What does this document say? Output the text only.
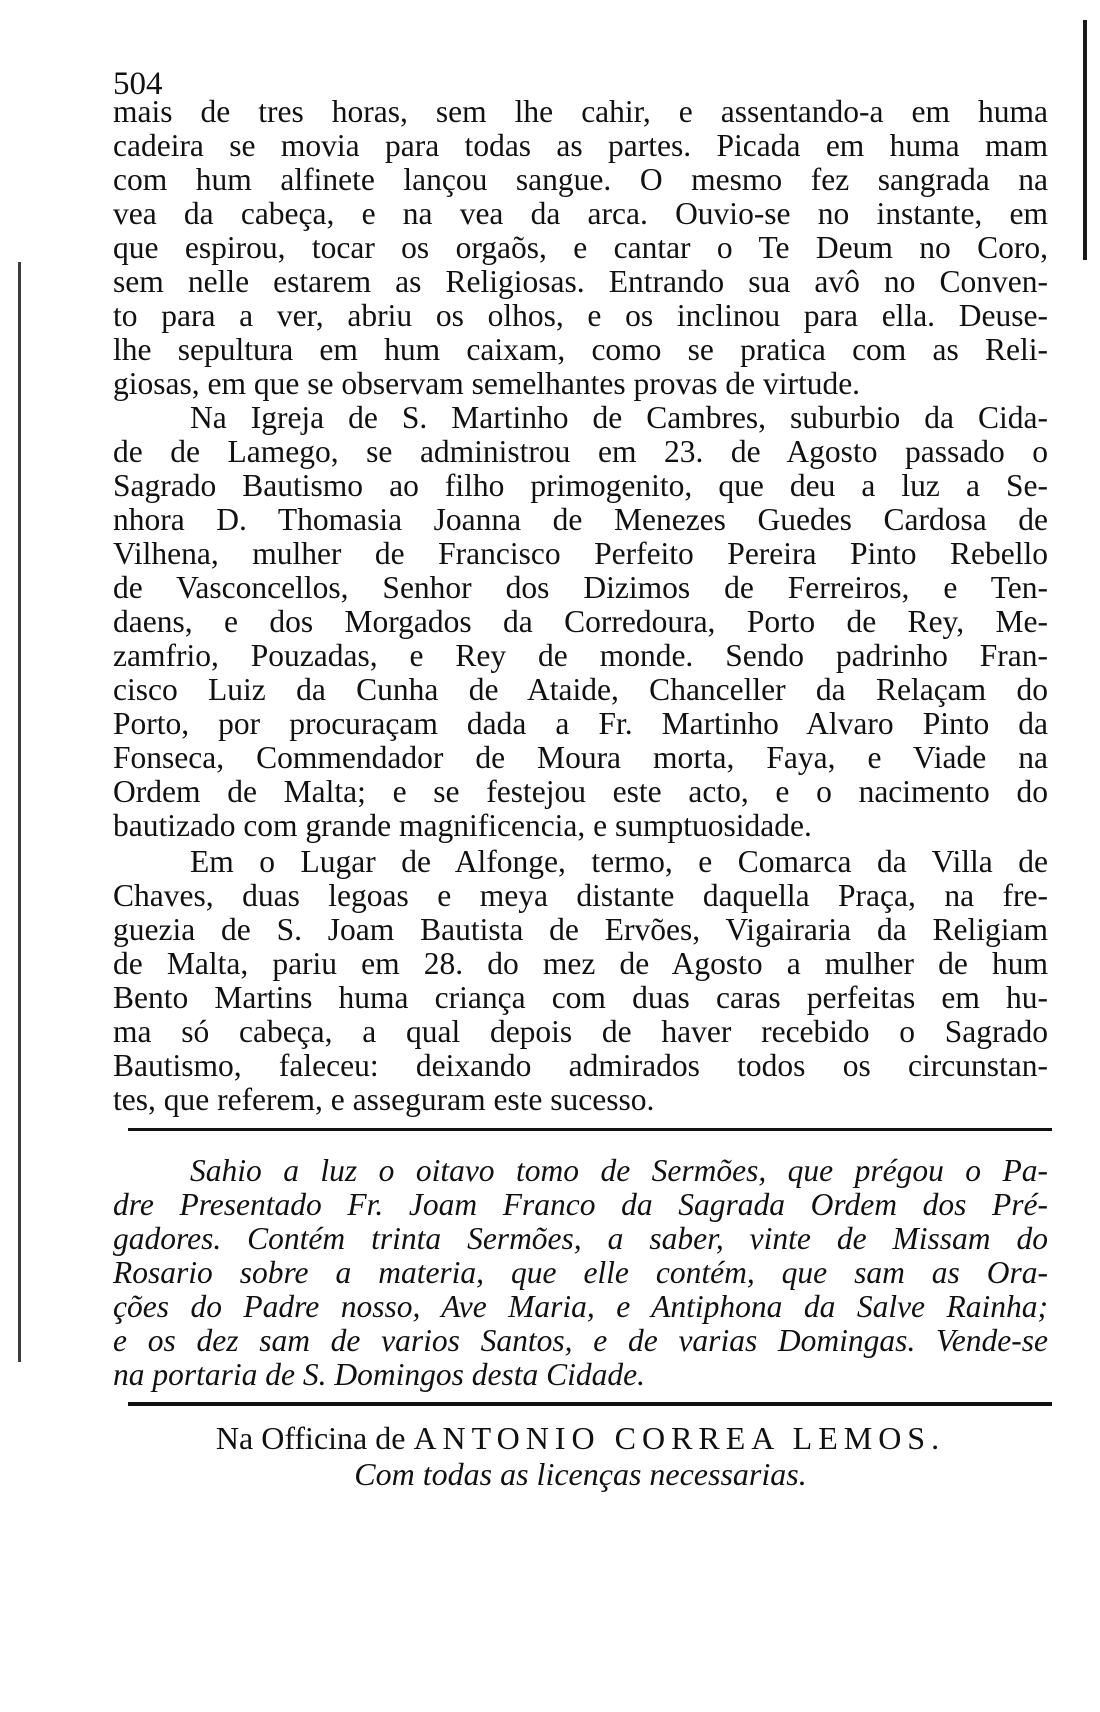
504
mais de tres horas, sem lhe cahir, e assentando-a em huma
cadeira se movia para todas as partes. Picada em huma mam
com hum alfinete lançou sangue. O mesmo fez sangrada na
vea da cabeça, e na vea da arca. Ouvio-se no instante, em
que espirou, tocar os orgaõs, e cantar o Te Deum no Coro,
sem nelle estarem as Religiosas. Entrando sua avô no Conven-
to para a ver, abriu os olhos, e os inclinou para ella. Deuse-
lhe sepultura em hum caixam, como se pratica com as Reli-
giosas, em que se observam semelhantes provas de virtude.
Na Igreja de S. Martinho de Cambres, suburbio da Cida-
de de Lamego, se administrou em 23. de Agosto passado o
Sagrado Bautismo ao filho primogenito, que deu a luz a Se-
nhora D. Thomasia Joanna de Menezes Guedes Cardosa de
Vilhena, mulher de Francisco Perfeito Pereira Pinto Rebello
de Vasconcellos, Senhor dos Dizimos de Ferreiros, e Ten-
daens, e dos Morgados da Corredoura, Porto de Rey, Me-
zamfrio, Pouzadas, e Rey de monde. Sendo padrinho Fran-
cisco Luiz da Cunha de Ataide, Chanceller da Relaçam do
Porto, por procuraçam dada a Fr. Martinho Alvaro Pinto da
Fonseca, Commendador de Moura morta, Faya, e Viade na
Ordem de Malta; e se festejou este acto, e o nacimento do
bautizado com grande magnificencia, e sumptuosidade.
Em o Lugar de Alfonge, termo, e Comarca da Villa de
Chaves, duas legoas e meya distante daquella Praça, na fre-
guezia de S. Joam Bautista de Ervões, Vigairaria da Religiam
de Malta, pariu em 28. do mez de Agosto a mulher de hum
Bento Martins huma criança com duas caras perfeitas em hu-
ma só cabeça, a qual depois de haver recebido o Sagrado
Bautismo, faleceu: deixando admirados todos os circunstan-
tes, que referem, e asseguram este sucesso.
Sahio a luz o oitavo tomo de Sermões, que prégou o Pa-
dre Presentado Fr. Joam Franco da Sagrada Ordem dos Pré-
gadores. Contém trinta Sermões, a saber, vinte de Missam do
Rosario sobre a materia, que elle contém, que sam as Ora-
ções do Padre nosso, Ave Maria, e Antiphona da Salve Rainha;
e os dez sam de varios Santos, e de varias Domingas. Vende-se
na portaria de S. Domingos desta Cidade.
Na Officina de ANTONIO CORREA LEMOS.
Com todas as licenças necessarias.
